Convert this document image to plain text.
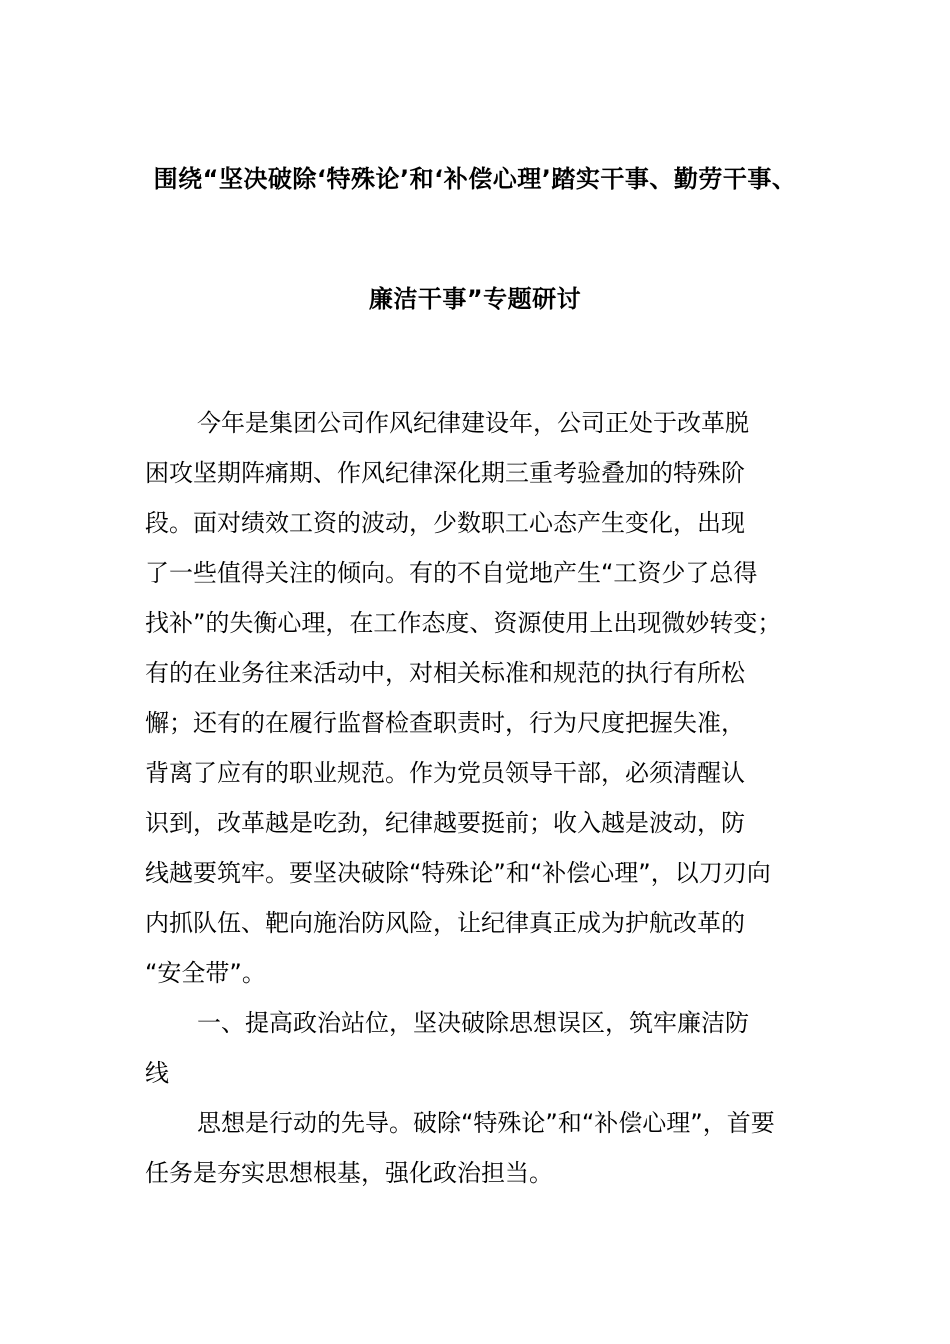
围绕“坚决破除‘特殊论’和‘补偿心理’踏实干事、勤劳干事、
廉洁干事”专题研讨
今年是集团公司作风纪律建设年，公司正处于改革脱
困攻坚期阵痛期、作风纪律深化期三重考验叠加的特殊阶
段。面对绩效工资的波动，少数职工心态产生变化，出现
了一些值得关注的倾向。有的不自觉地产生“工资少了总得
找补”的失衡心理，在工作态度、资源使用上出现微妙转变；
有的在业务往来活动中，对相关标准和规范的执行有所松
懈；还有的在履行监督检查职责时，行为尺度把握失准，
背离了应有的职业规范。作为党员领导干部，必须清醒认
识到，改革越是吃劲，纪律越要挺前；收入越是波动，防
线越要筑牢。要坚决破除“特殊论”和“补偿心理”，以刀刃向
内抓队伍、靶向施治防风险，让纪律真正成为护航改革的
“安全带”。
一、提高政治站位，坚决破除思想误区，筑牢廉洁防
线
思想是行动的先导。破除“特殊论”和“补偿心理”，首要
任务是夯实思想根基，强化政治担当。
